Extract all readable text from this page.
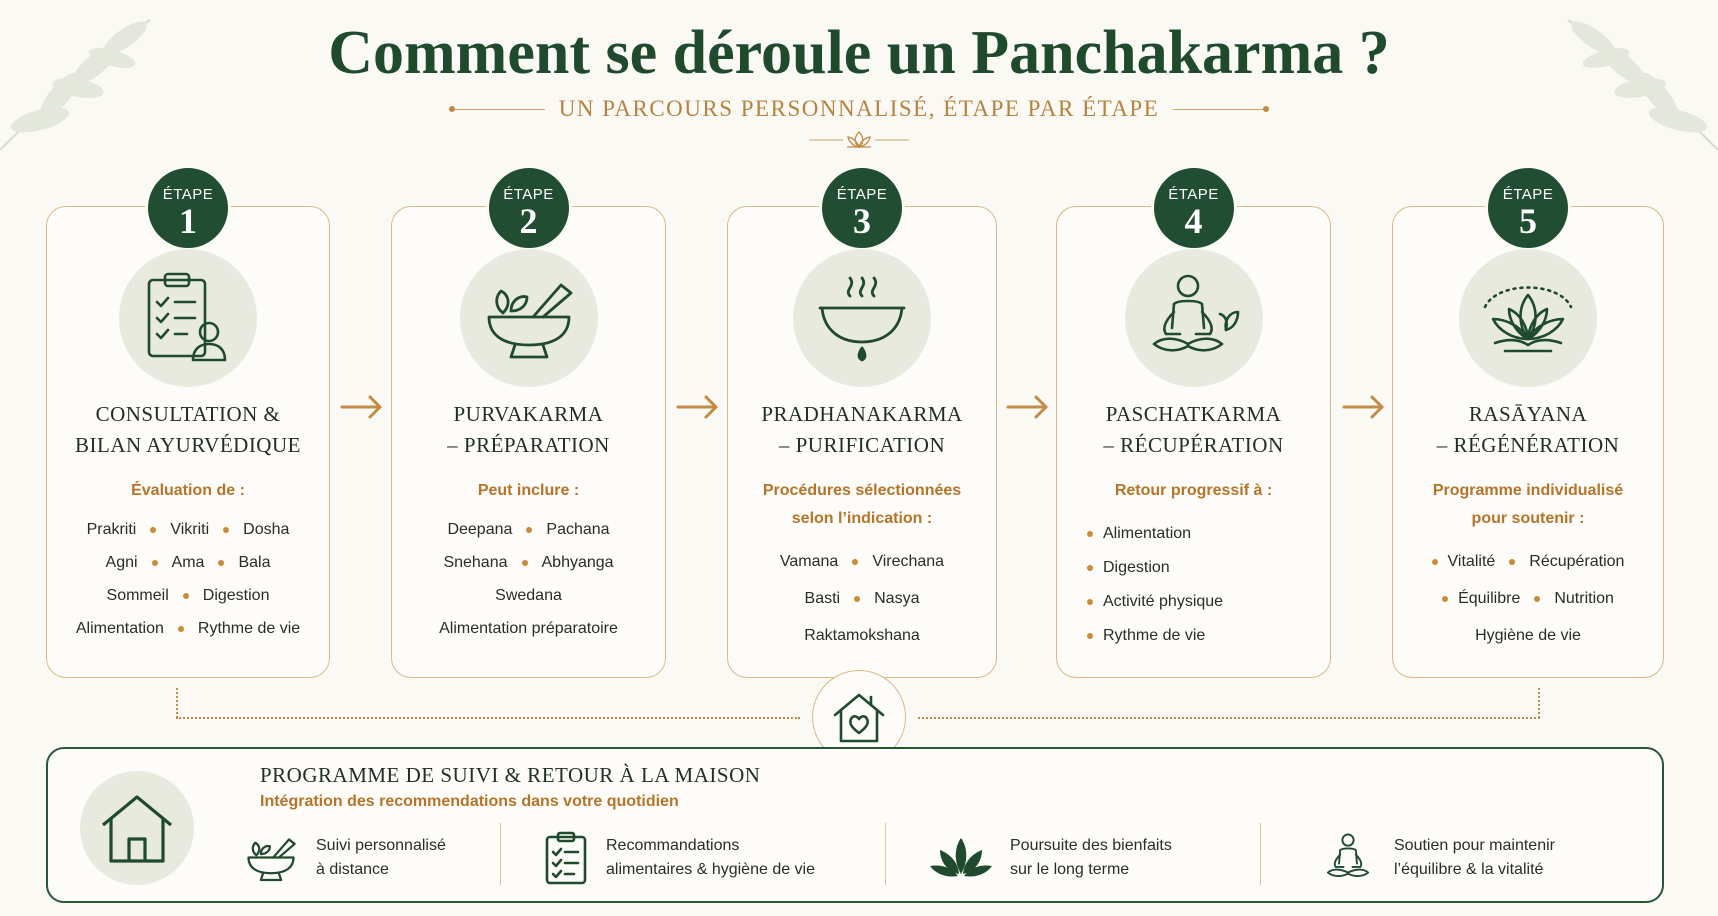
Comment se déroule un Panchakarma ?
UN PARCOURS PERSONNALISÉ, ÉTAPE PAR ÉTAPE
ÉTAPE
1
CONSULTATION &
BILAN AYURVÉDIQUE
Évaluation de :
Prakriti Vikriti Dosha
Agni Ama Bala
Sommeil Digestion
Alimentation Rythme de vie
ÉTAPE
2
PURVAKARMA
– PRÉPARATION
Peut inclure :
Deepana Pachana
Snehana Abhyanga
Swedana
Alimentation préparatoire
ÉTAPE
3
PRADHANAKARMA
– PURIFICATION
Procédures sélectionnées
selon l’indication :
Vamana Virechana
Basti Nasya
Raktamokshana
ÉTAPE
4
PASCHATKARMA
– RÉCUPÉRATION
Retour progressif à :
Alimentation
Digestion
Activité physique
Rythme de vie
ÉTAPE
5
RASĀYANA
– RÉGÉNÉRATION
Programme individualisé
pour soutenir :
Vitalité Récupération
Équilibre Nutrition
Hygiène de vie
PROGRAMME DE SUIVI & RETOUR À LA MAISON
Intégration des recommendations dans votre quotidien
Suivi personnalisé
à distance
Recommandations
alimentaires & hygiène de vie
Poursuite des bienfaits
sur le long terme
Soutien pour maintenir
l’équilibre & la vitalité
